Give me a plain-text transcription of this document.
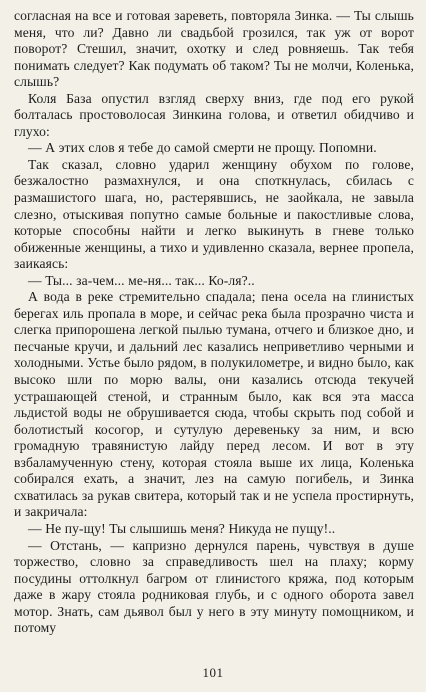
согласная на все и готовая зареветь, повторяла Зинка. — Ты слышь меня, что ли? Давно ли свадьбой грозился, так уж от ворот поворот? Стешил, значит, охотку и след ровняешь. Так тебя понимать следует? Как подумать об таком? Ты не молчи, Коленька, слышь?

Коля База опустил взгляд сверху вниз, где под его рукой болталась простоволосая Зинкина голова, и ответил обидчиво и глухо:

— А этих слов я тебе до самой смерти не прощу. Попомни.

Так сказал, словно ударил женщину обухом по голове, безжалостно размахнулся, и она споткнулась, сбилась с размашистого шага, но, растерявшись, не заойкала, не завыла слезно, отыскивая попутно самые больные и пакостливые слова, которые способны найти и легко выкинуть в гневе только обиженные женщины, а тихо и удивленно сказала, вернее пропела, заикаясь:

— Ты... за-чем... ме-ня... так... Ко-ля?..

А вода в реке стремительно спадала; пена осела на глинистых берегах иль пропала в море, и сейчас река была прозрачно чиста и слегка припорошена легкой пылью тумана, отчего и близкое дно, и песчаные кручи, и дальний лес казались неприветливо черными и холодными. Устье было рядом, в полукилометре, и видно было, как высоко шли по морю валы, они казались отсюда текучей устрашающей стеной, и странным было, как вся эта масса льдистой воды не обрушивается сюда, чтобы скрыть под собой и болотистый косогор, и сутулую деревеньку за ним, и всю громадную травянистую лайду перед лесом. И вот в эту взбаламученную стену, которая стояла выше их лица, Коленька собирался ехать, а значит, лез на самую погибель, и Зинка схватилась за рукав свитера, который так и не успела простирнуть, и закричала:

— Не пу-щу! Ты слышишь меня? Никуда не пущу!..

— Отстань, — капризно дернулся парень, чувствуя в душе торжество, словно за справедливость шел на плаху; корму посудины оттолкнул багром от глинистого кряжа, под которым даже в жару стояла родниковая глубь, и с одного оборота завел мотор. Знать, сам дьявол был у него в эту минуту помощником, и потому

101
